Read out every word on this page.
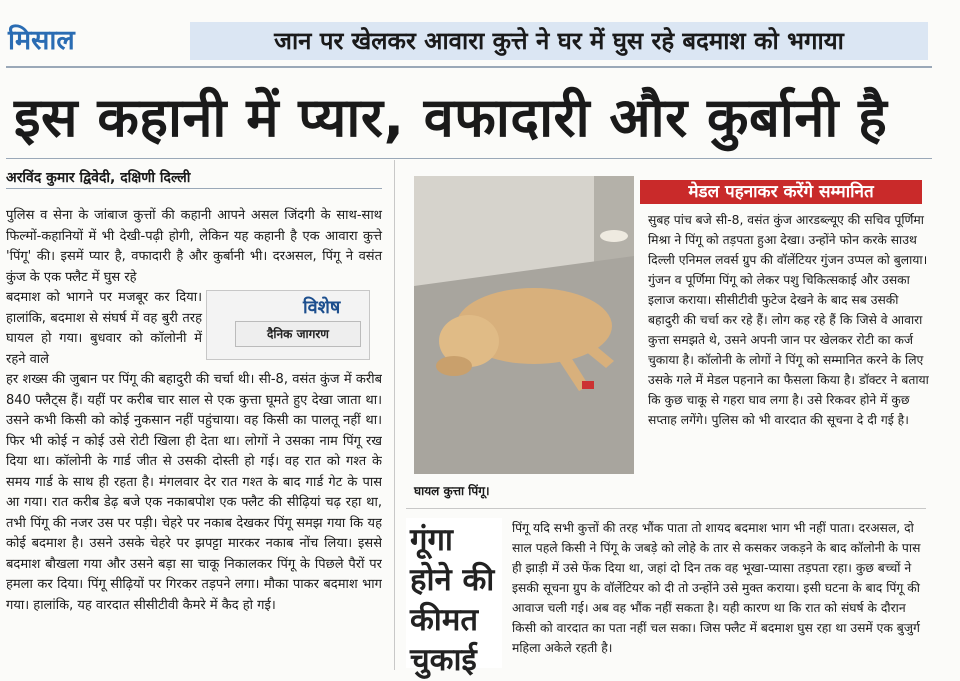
मिसाल	जान पर खेलकर आवारा कुत्ते ने घर में घुस रहे बदमाश को भगाया
इस कहानी में प्यार, वफादारी और कुर्बानी है
अरविंद कुमार द्विवेदी, दक्षिणी दिल्ली
पुलिस व सेना के जांबाज कुत्तों की कहानी आपने असल जिंदगी के साथ-साथ फिल्मों-कहानियों में भी देखी-पढ़ी होगी, लेकिन यह कहानी है एक आवारा कुत्ते 'पिंगू' की। इसमें प्यार है, वफादारी है और कुर्बानी भी। दरअसल, पिंगू ने वसंत कुंज के एक फ्लैट में घुस रहे
बदमाश को भागने पर मजबूर कर दिया। हालांकि, बदमाश से संघर्ष में वह बुरी तरह घायल हो गया। बुधवार को कॉलोनी में रहने वाले
विशेष
दैनिक जागरण
हर शख्स की जुबान पर पिंगू की बहादुरी की चर्चा थी। सी-8, वसंत कुंज में करीब 840 फ्लैट्स हैं। यहीं पर करीब चार साल से एक कुत्ता घूमते हुए देखा जाता था। उसने कभी किसी को कोई नुकसान नहीं पहुंचाया। वह किसी का पालतू नहीं था। फिर भी कोई न कोई उसे रोटी खिला ही देता था। लोगों ने उसका नाम पिंगू रख दिया था। कॉलोनी के गार्ड जीत से उसकी दोस्ती हो गई। वह रात को गश्त के समय गार्ड के साथ ही रहता है। मंगलवार देर रात गश्त के बाद गार्ड गेट के पास आ गया। रात करीब डेढ़ बजे एक नकाबपोश एक फ्लैट की सीढ़ियां चढ़ रहा था, तभी पिंगू की नजर उस पर पड़ी। चेहरे पर नकाब देखकर पिंगू समझ गया कि यह कोई बदमाश है। उसने उसके चेहरे पर झपट्टा मारकर नकाब नोंच लिया। इससे बदमाश बौखला गया और उसने बड़ा सा चाकू निकालकर पिंगू के पिछले पैरों पर हमला कर दिया। पिंगू सीढ़ियों पर गिरकर तड़पने लगा। मौका पाकर बदमाश भाग गया। हालांकि, यह वारदात सीसीटीवी कैमरे में कैद हो गई।
घायल कुत्ता पिंगू।
मेडल पहनाकर करेंगे सम्मानित
सुबह पांच बजे सी-8, वसंत कुंज आरडब्ल्यूए की सचिव पूर्णिमा मिश्रा ने पिंगू को तड़पता हुआ देखा। उन्होंने फोन करके साउथ दिल्ली एनिमल लवर्स ग्रुप की वॉलेंटियर गुंजन उप्पल को बुलाया। गुंजन व पूर्णिमा पिंगू को लेकर पशु चिकित्सकाई और उसका इलाज कराया। सीसीटीवी फुटेज देखने के बाद सब उसकी बहादुरी की चर्चा कर रहे हैं। लोग कह रहे हैं कि जिसे वे आवारा कुत्ता समझते थे, उसने अपनी जान पर खेलकर रोटी का कर्ज चुकाया है। कॉलोनी के लोगों ने पिंगू को सम्मानित करने के लिए उसके गले में मेडल पहनाने का फैसला किया है। डॉक्टर ने बताया कि कुछ चाकू से गहरा घाव लगा है। उसे रिकवर होने में कुछ सप्ताह लगेंगे। पुलिस को भी वारदात की सूचना दे दी गई है।
गूंगा होने की कीमत चुकाई
पिंगू यदि सभी कुत्तों की तरह भौंक पाता तो शायद बदमाश भाग भी नहीं पाता। दरअसल, दो साल पहले किसी ने पिंगू के जबड़े को लोहे के तार से कसकर जकड़ने के बाद कॉलोनी के पास ही झाड़ी में उसे फेंक दिया था, जहां दो दिन तक वह भूखा-प्यासा तड़पता रहा। कुछ बच्चों ने इसकी सूचना ग्रुप के वॉलेंटियर को दी तो उन्होंने उसे मुक्त कराया। इसी घटना के बाद पिंगू की आवाज चली गई। अब वह भौंक नहीं सकता है। यही कारण था कि रात को संघर्ष के दौरान किसी को वारदात का पता नहीं चल सका। जिस फ्लैट में बदमाश घुस रहा था उसमें एक बुजुर्ग महिला अकेले रहती है।
